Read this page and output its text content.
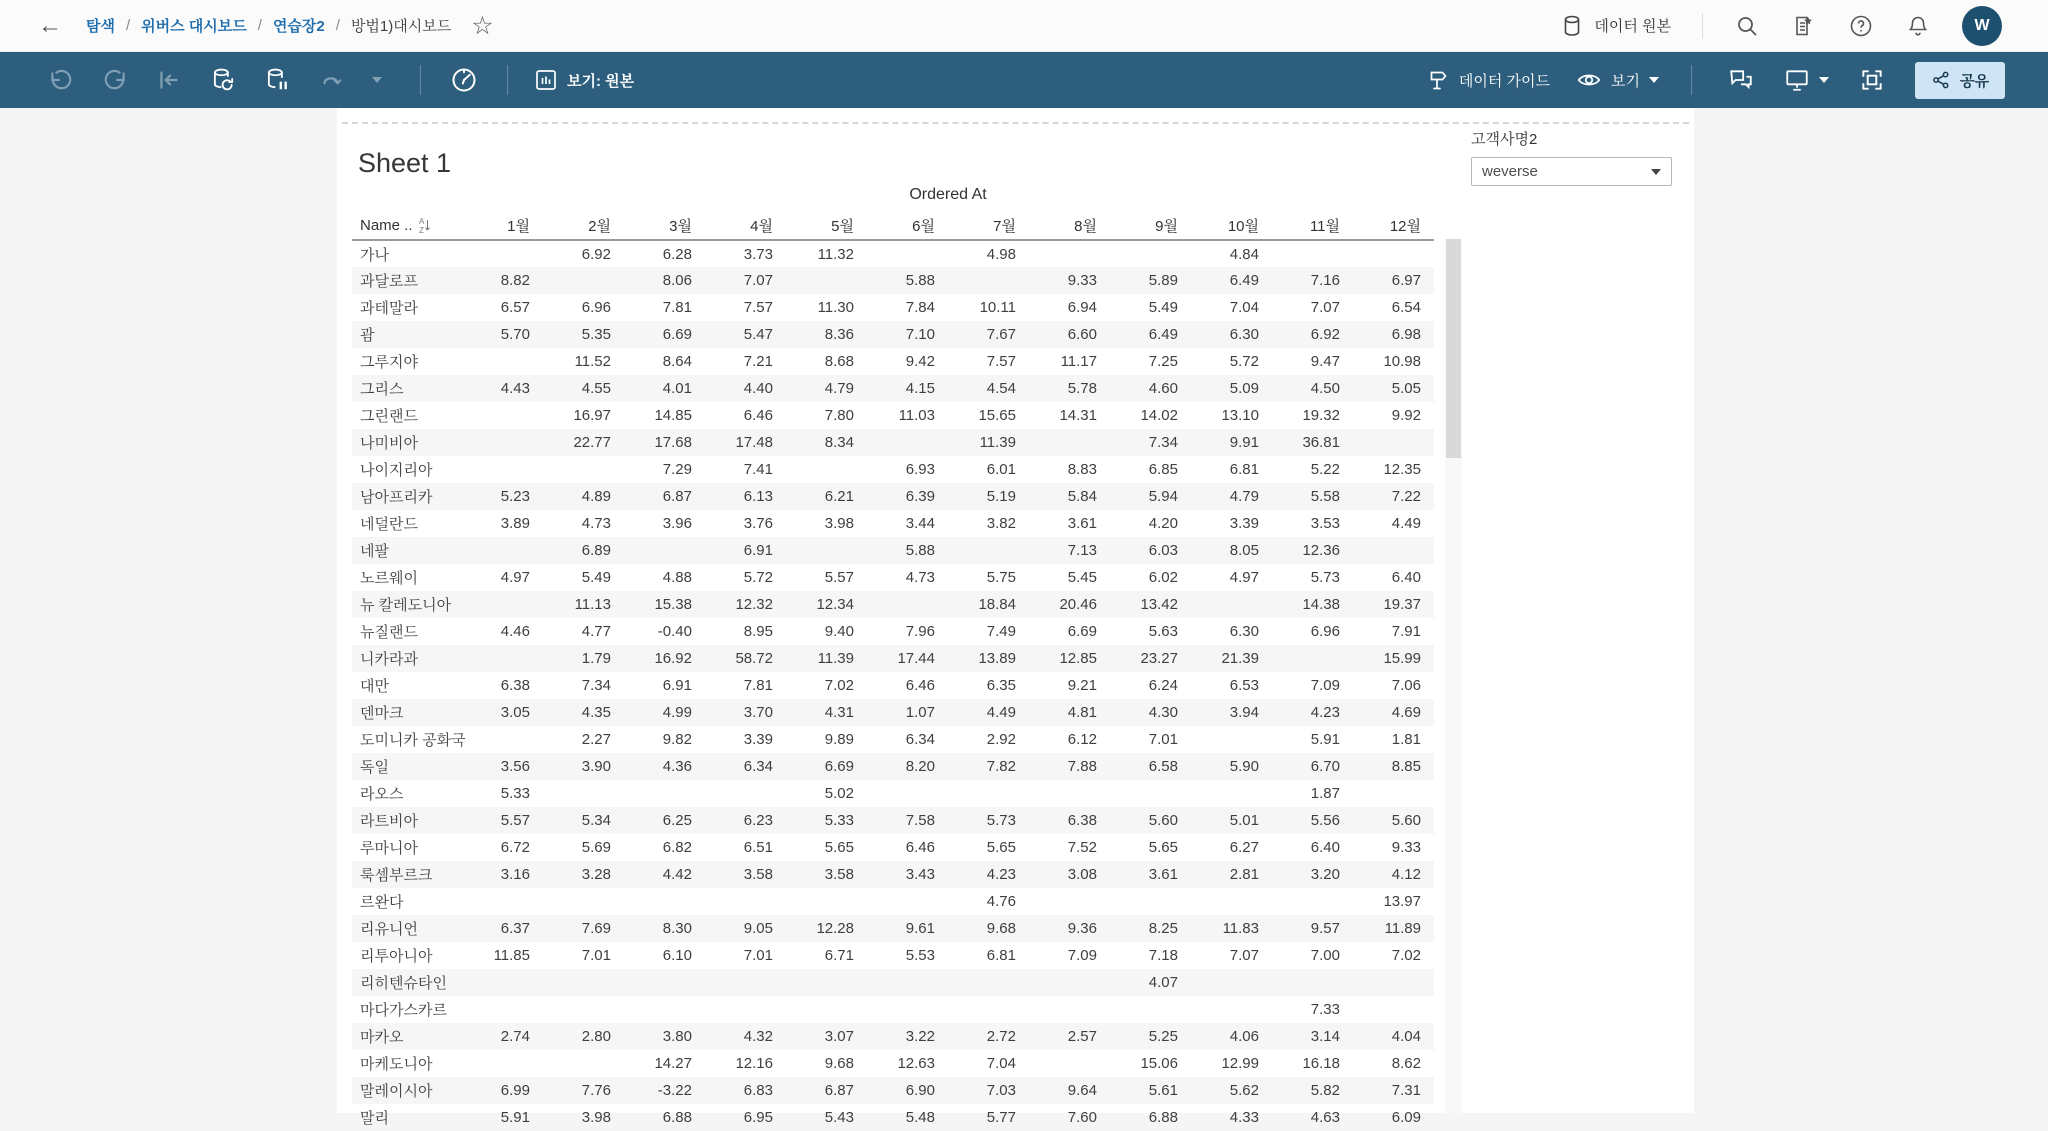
← 탐색 / 위버스 대시보드 / 연습장2 / 방법1)대시보드 ☆	데이터 원본	W
보기: 원본	데이터 가이드	보기	공유
Sheet 1
Ordered At
Name .. A
Z	1월	2월	3월	4월	5월	6월	7월	8월	9월	10월	11월	12월
가나		6.92	6.28	3.73	11.32		4.98			4.84		
과달로프	8.82		8.06	7.07		5.88		9.33	5.89	6.49	7.16	6.97
과테말라	6.57	6.96	7.81	7.57	11.30	7.84	10.11	6.94	5.49	7.04	7.07	6.54
괌	5.70	5.35	6.69	5.47	8.36	7.10	7.67	6.60	6.49	6.30	6.92	6.98
그루지야		11.52	8.64	7.21	8.68	9.42	7.57	11.17	7.25	5.72	9.47	10.98
그리스	4.43	4.55	4.01	4.40	4.79	4.15	4.54	5.78	4.60	5.09	4.50	5.05
그린랜드		16.97	14.85	6.46	7.80	11.03	15.65	14.31	14.02	13.10	19.32	9.92
나미비아		22.77	17.68	17.48	8.34		11.39		7.34	9.91	36.81	
나이지리아			7.29	7.41		6.93	6.01	8.83	6.85	6.81	5.22	12.35
남아프리카	5.23	4.89	6.87	6.13	6.21	6.39	5.19	5.84	5.94	4.79	5.58	7.22
네덜란드	3.89	4.73	3.96	3.76	3.98	3.44	3.82	3.61	4.20	3.39	3.53	4.49
네팔		6.89		6.91		5.88		7.13	6.03	8.05	12.36	
노르웨이	4.97	5.49	4.88	5.72	5.57	4.73	5.75	5.45	6.02	4.97	5.73	6.40
뉴 칼레도니아		11.13	15.38	12.32	12.34		18.84	20.46	13.42		14.38	19.37
뉴질랜드	4.46	4.77	-0.40	8.95	9.40	7.96	7.49	6.69	5.63	6.30	6.96	7.91
니카라과		1.79	16.92	58.72	11.39	17.44	13.89	12.85	23.27	21.39		15.99
대만	6.38	7.34	6.91	7.81	7.02	6.46	6.35	9.21	6.24	6.53	7.09	7.06
덴마크	3.05	4.35	4.99	3.70	4.31	1.07	4.49	4.81	4.30	3.94	4.23	4.69
도미니카 공화국		2.27	9.82	3.39	9.89	6.34	2.92	6.12	7.01		5.91	1.81
독일	3.56	3.90	4.36	6.34	6.69	8.20	7.82	7.88	6.58	5.90	6.70	8.85
라오스	5.33				5.02						1.87	
라트비아	5.57	5.34	6.25	6.23	5.33	7.58	5.73	6.38	5.60	5.01	5.56	5.60
루마니아	6.72	5.69	6.82	6.51	5.65	6.46	5.65	7.52	5.65	6.27	6.40	9.33
룩셈부르크	3.16	3.28	4.42	3.58	3.58	3.43	4.23	3.08	3.61	2.81	3.20	4.12
르완다							4.76					13.97
리유니언	6.37	7.69	8.30	9.05	12.28	9.61	9.68	9.36	8.25	11.83	9.57	11.89
리투아니아	11.85	7.01	6.10	7.01	6.71	5.53	6.81	7.09	7.18	7.07	7.00	7.02
리히텐슈타인									4.07			
마다가스카르											7.33	
마카오	2.74	2.80	3.80	4.32	3.07	3.22	2.72	2.57	5.25	4.06	3.14	4.04
마케도니아			14.27	12.16	9.68	12.63	7.04		15.06	12.99	16.18	8.62
말레이시아	6.99	7.76	-3.22	6.83	6.87	6.90	7.03	9.64	5.61	5.62	5.82	7.31
말리	5.91	3.98	6.88	6.95	5.43	5.48	5.77	7.60	6.88	4.33	4.63	6.09
고객사명2
weverse
